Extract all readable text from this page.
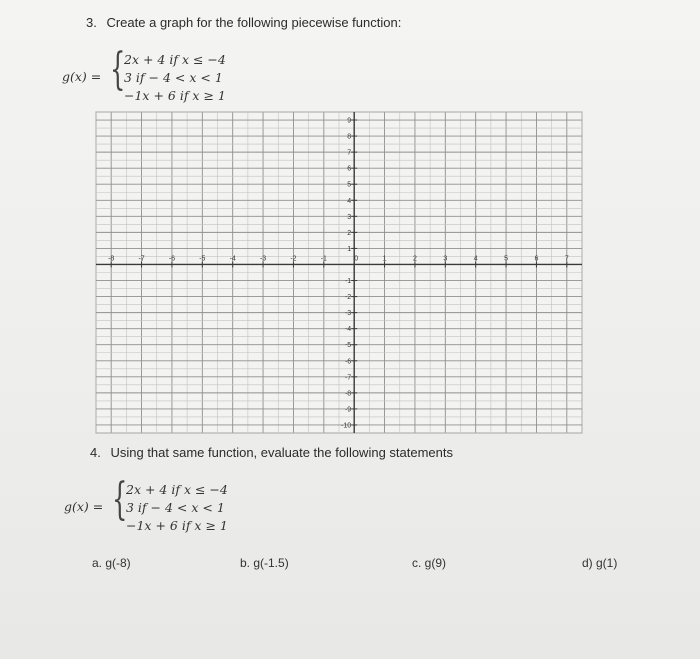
3. Create a graph for the following piecewise function:
g(x) = {
2x + 4 if x ≤ −4
3 if − 4 < x < 1
−1x + 6 if x ≥ 1
-8	-7	-6	-5	-4	-3	-2	-1	0	1	2	3	4	5	6	7
9
8
7
6
5
4
3
2
1
-1
-2
-3
-4
-5
-6
-7
-8
-9
-10
4. Using that same function, evaluate the following statements
g(x) = {
2x + 4 if x ≤ −4
3 if − 4 < x < 1
−1x + 6 if x ≥ 1
a. g(-8)	b. g(-1.5)	c. g(9)	d) g(1)
